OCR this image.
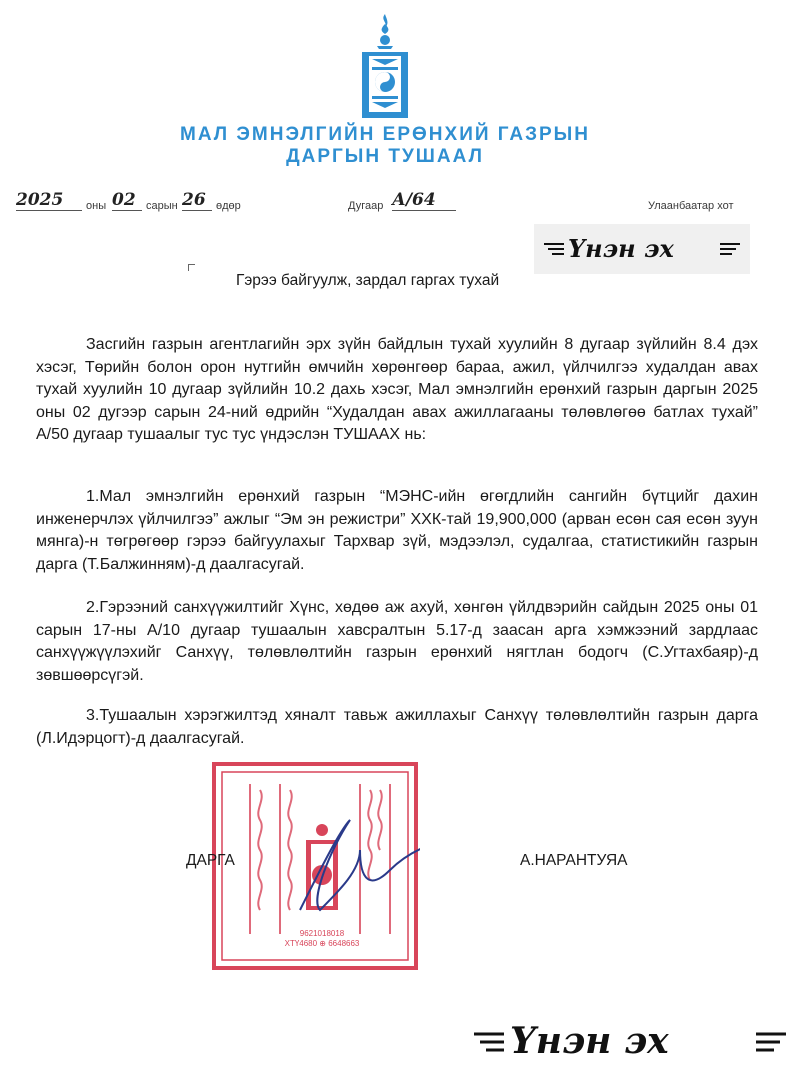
МАЛ ЭМНЭЛГИЙН ЕРӨНХИЙ ГАЗРЫН
ДАРГЫН ТУШААЛ
2025	оны 02 сарын 26 өдөр	Дугаар А/64	Улаанбаатар хот
Үнэн эх
Гэрээ байгуулж, зардал гаргах тухай
Засгийн газрын агентлагийн эрх зүйн байдлын тухай хуулийн 8 дугаар зүйлийн 8.4 дэх хэсэг, Төрийн болон орон нутгийн өмчийн хөрөнгөөр бараа, ажил, үйлчилгээ худалдан авах тухай хуулийн 10 дугаар зүйлийн 10.2 дахь хэсэг, Мал эмнэлгийн ерөнхий газрын даргын 2025 оны 02 дугээр сарын 24-ний өдрийн “Худалдан авах ажиллагааны төлөвлөгөө батлах тухай” А/50 дугаар тушаалыг тус тус үндэслэн ТУШААХ нь:
1.Мал эмнэлгийн ерөнхий газрын “МЭНС-ийн өгөгдлийн сангийн бүтцийг дахин инженерчлэх үйлчилгээ” ажлыг “Эм эн режистри” ХХК-тай 19,900,000 (арван есөн сая есөн зуун мянга)-н төгрөгөөр гэрээ байгуулахыг Тархвар зүй, мэдээлэл, судалгаа, статистикийн газрын дарга (Т.Балжинням)-д даалгасугай.
2.Гэрээний санхүүжилтийг Хүнс, хөдөө аж ахуй, хөнгөн үйлдвэрийн сайдын 2025 оны 01 сарын 17-ны А/10 дугаар тушаалын хавсралтын 5.17-д заасан арга хэмжээний зардлаас санхүүжүүлэхийг Санхүү, төлөвлөлтийн газрын ерөнхий нягтлан бодогч (С.Угтахбаяр)-д зөвшөөрсүгэй.
3.Тушаалын хэрэгжилтэд хяналт тавьж ажиллахыг Санхүү төлөвлөлтийн газрын дарга (Л.Идэрцогт)-д даалгасугай.
9621018018
ХТҮ4680 ⊕ 6648663
ДАРГА	А.НАРАНТУЯА
Үнэн эх
